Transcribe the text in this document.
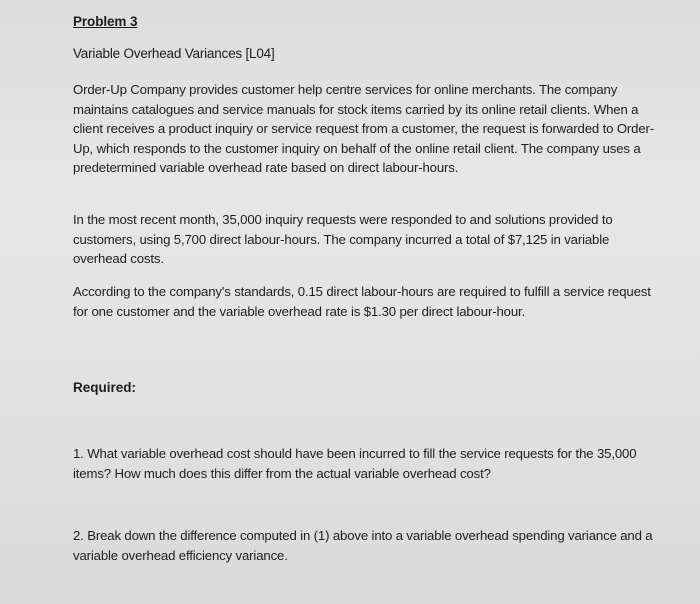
Problem 3
Variable Overhead Variances [L04]

Order-Up Company provides customer help centre services for online merchants. The company maintains catalogues and service manuals for stock items carried by its online retail clients. When a client receives a product inquiry or service request from a customer, the request is forwarded to Order-Up, which responds to the customer inquiry on behalf of the online retail client. The company uses a predetermined variable overhead rate based on direct labour-hours.

In the most recent month, 35,000 inquiry requests were responded to and solutions provided to customers, using 5,700 direct labour-hours. The company incurred a total of $7,125 in variable overhead costs.

According to the company's standards, 0.15 direct labour-hours are required to fulfill a service request for one customer and the variable overhead rate is $1.30 per direct labour-hour.

Required:

1. What variable overhead cost should have been incurred to fill the service requests for the 35,000 items? How much does this differ from the actual variable overhead cost?

2. Break down the difference computed in (1) above into a variable overhead spending variance and a variable overhead efficiency variance.
